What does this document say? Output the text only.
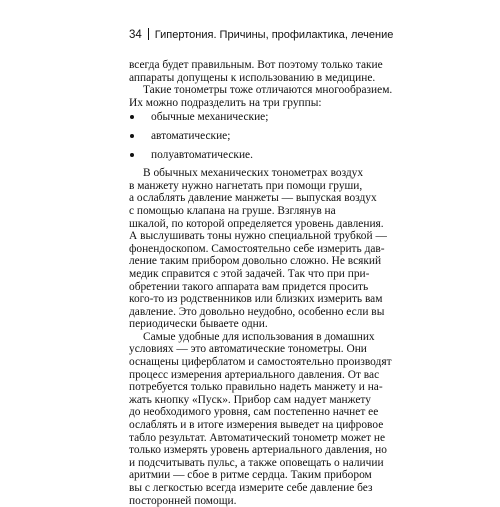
34 Гипертония. Причины, профилактика, лечение
всегда будет правильным. Вот поэтому только такие
аппараты допущены к использованию в медицине.
Такие тонометры тоже отличаются многообразием.
Их можно подразделить на три группы:
обычные механические;
автоматические;
полуавтоматические.
В обычных механических тонометрах воздух
в манжету нужно нагнетать при помощи груши,
а ослаблять давление манжеты — выпуская воздух
с помощью клапана на груше. Взглянув на
шкалой, по которой определяется уровень давления.
А выслушивать тоны нужно специальной трубкой —
фонендоскопом. Самостоятельно себе измерить дав-
ление таким прибором довольно сложно. Не всякий
медик справится с этой задачей. Так что при при-
обретении такого аппарата вам придется просить
кого-то из родственников или близких измерить вам
давление. Это довольно неудобно, особенно если вы
периодически бываете одни.
Самые удобные для использования в домашних
условиях — это автоматические тонометры. Они
оснащены циферблатом и самостоятельно производят
процесс измерения артериального давления. От вас
потребуется только правильно надеть манжету и на-
жать кнопку «Пуск». Прибор сам надует манжету
до необходимого уровня, сам постепенно начнет ее
ослаблять и в итоге измерения выведет на цифровое
табло результат. Автоматический тонометр может не
только измерять уровень артериального давления, но
и подсчитывать пульс, а также оповещать о наличии
аритмии — сбое в ритме сердца. Таким прибором
вы с легкостью всегда измерите себе давление без
посторонней помощи.
